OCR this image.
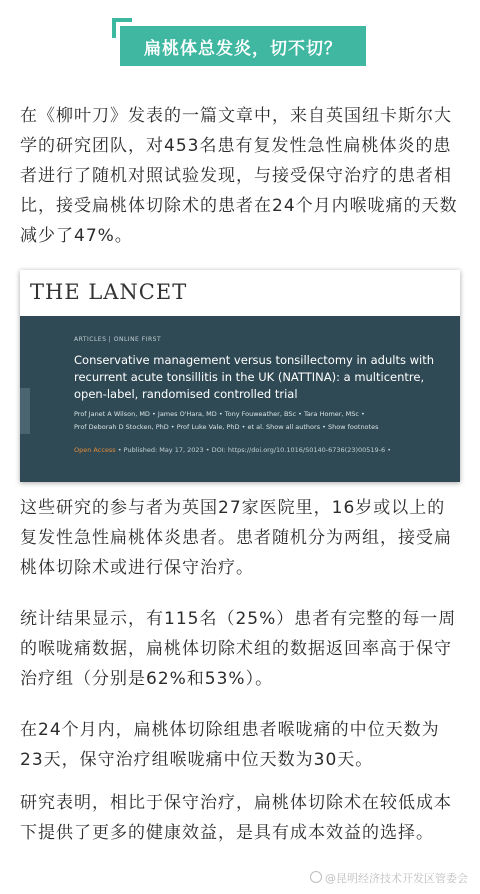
扁桃体总发炎，切不切？

在《柳叶刀》发表的一篇文章中，来自英国纽卡斯尔大学的研究团队，对453名患有复发性急性扁桃体炎的患者进行了随机对照试验发现，与接受保守治疗的患者相比，接受扁桃体切除术的患者在24个月内喉咙痛的天数减少了47%。

THE LANCET
ARTICLES | ONLINE FIRST
Conservative management versus tonsillectomy in adults with recurrent acute tonsillitis in the UK (NATTINA): a multicentre, open-label, randomised controlled trial
Prof Janet A Wilson, MD • James O'Hara, MD • Tony Fouweather, BSc • Tara Homer, MSc •
Prof Deborah D Stocken, PhD • Prof Luke Vale, PhD • et al. Show all authors • Show footnotes
Open Access • Published: May 17, 2023 • DOI: https://doi.org/10.1016/S0140-6736(23)00519-6 •

这些研究的参与者为英国27家医院里，16岁或以上的复发性急性扁桃体炎患者。患者随机分为两组，接受扁桃体切除术或进行保守治疗。

统计结果显示，有115名（25%）患者有完整的每一周的喉咙痛数据，扁桃体切除术组的数据返回率高于保守治疗组（分别是62%和53%）。

在24个月内，扁桃体切除组患者喉咙痛的中位天数为23天，保守治疗组喉咙痛中位天数为30天。

研究表明，相比于保守治疗，扁桃体切除术在较低成本下提供了更多的健康效益，是具有成本效益的选择。

@昆明经济技术开发区管委会
